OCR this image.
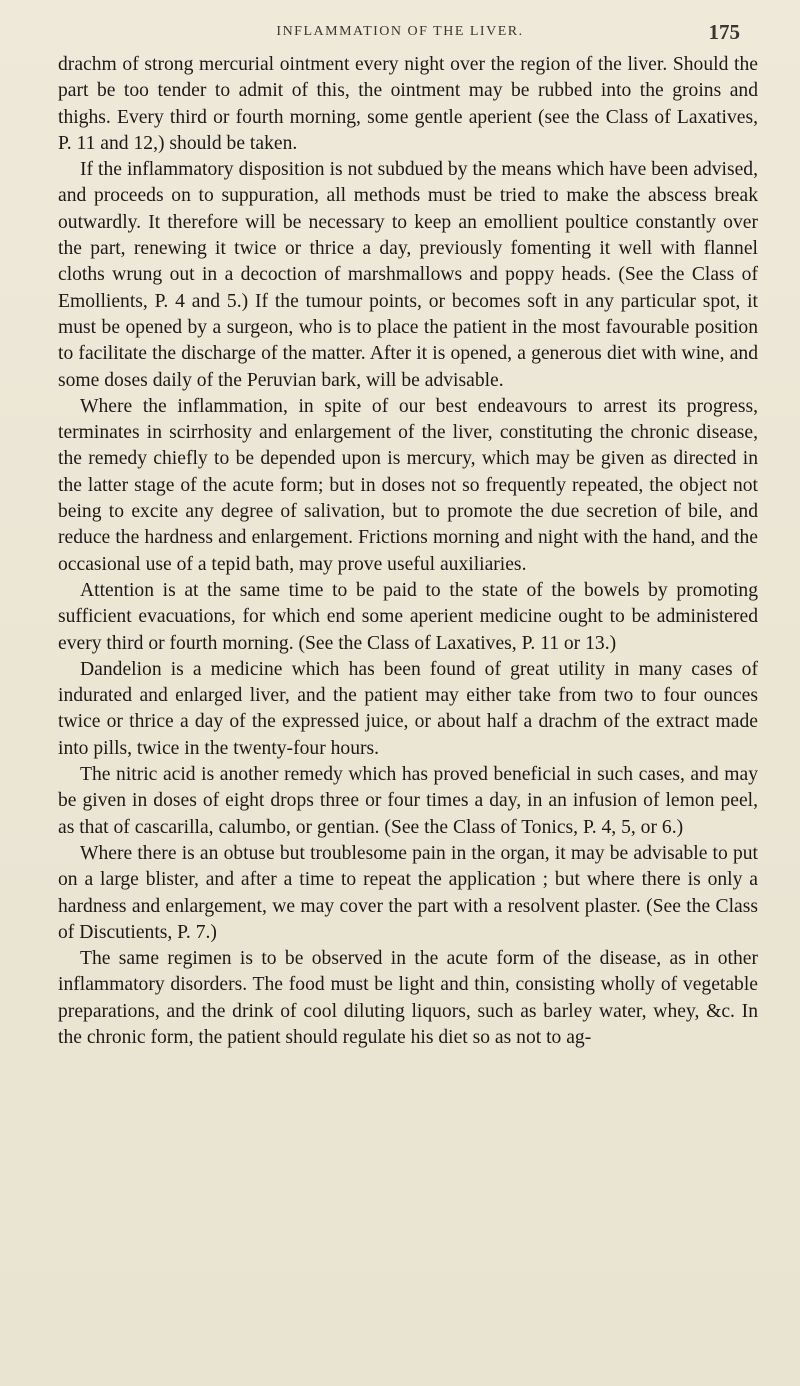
INFLAMMATION OF THE LIVER.	175

drachm of strong mercurial ointment every night over the region of the liver. Should the part be too tender to admit of this, the ointment may be rubbed into the groins and thighs. Every third or fourth morning, some gentle aperient (see the Class of Laxatives, P. 11 and 12,) should be taken.

If the inflammatory disposition is not subdued by the means which have been advised, and proceeds on to suppuration, all methods must be tried to make the abscess break outwardly. It therefore will be necessary to keep an emollient poultice constantly over the part, renewing it twice or thrice a day, previously fomenting it well with flannel cloths wrung out in a decoction of marshmallows and poppy heads. (See the Class of Emollients, P. 4 and 5.) If the tumour points, or becomes soft in any particular spot, it must be opened by a surgeon, who is to place the patient in the most favourable position to facilitate the discharge of the matter. After it is opened, a generous diet with wine, and some doses daily of the Peruvian bark, will be advisable.

Where the inflammation, in spite of our best endeavours to arrest its progress, terminates in scirrhosity and enlargement of the liver, constituting the chronic disease, the remedy chiefly to be depended upon is mercury, which may be given as directed in the latter stage of the acute form; but in doses not so frequently repeated, the object not being to excite any degree of salivation, but to promote the due secretion of bile, and reduce the hardness and enlargement. Frictions morning and night with the hand, and the occasional use of a tepid bath, may prove useful auxiliaries.

Attention is at the same time to be paid to the state of the bowels by promoting sufficient evacuations, for which end some aperient medicine ought to be administered every third or fourth morning. (See the Class of Laxatives, P. 11 or 13.)

Dandelion is a medicine which has been found of great utility in many cases of indurated and enlarged liver, and the patient may either take from two to four ounces twice or thrice a day of the expressed juice, or about half a drachm of the extract made into pills, twice in the twenty-four hours.

The nitric acid is another remedy which has proved beneficial in such cases, and may be given in doses of eight drops three or four times a day, in an infusion of lemon peel, as that of cascarilla, calumbo, or gentian. (See the Class of Tonics, P. 4, 5, or 6.)

Where there is an obtuse but troublesome pain in the organ, it may be advisable to put on a large blister, and after a time to repeat the application ; but where there is only a hardness and enlargement, we may cover the part with a resolvent plaster. (See the Class of Discutients, P. 7.)

The same regimen is to be observed in the acute form of the disease, as in other inflammatory disorders. The food must be light and thin, consisting wholly of vegetable preparations, and the drink of cool diluting liquors, such as barley water, whey, &c. In the chronic form, the patient should regulate his diet so as not to ag-
